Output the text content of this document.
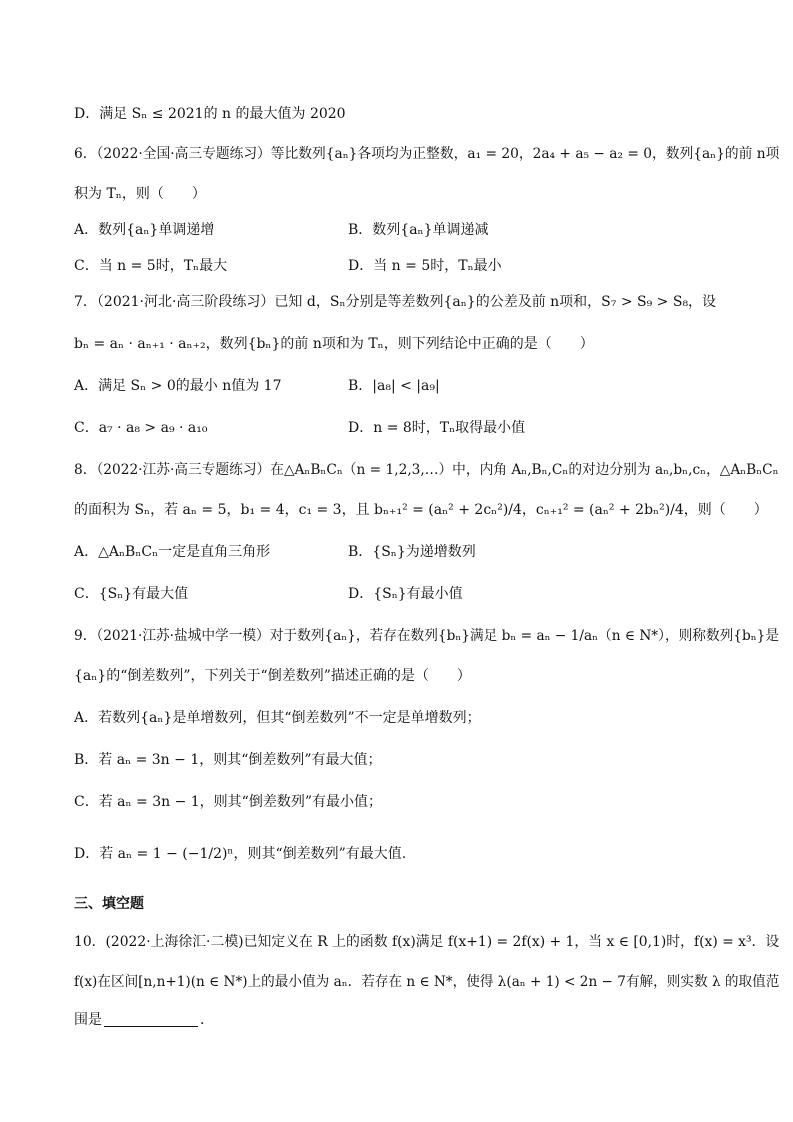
D．满足 Sₙ ≤ 2021的 n 的最大值为 2020
6．（2022·全国·高三专题练习）等比数列{aₙ}各项均为正整数，a₁ = 20，2a₄ + a₅ − a₂ = 0，数列{aₙ}的前 n项
积为 Tₙ，则（　　）
A．数列{aₙ}单调递增	B．数列{aₙ}单调递减
C．当 n = 5时，Tₙ最大	D．当 n = 5时，Tₙ最小
7．（2021·河北·高三阶段练习）已知 d，Sₙ分别是等差数列{aₙ}的公差及前 n项和，S₇ > S₉ > S₈，设
bₙ = aₙ · aₙ₊₁ · aₙ₊₂，数列{bₙ}的前 n项和为 Tₙ，则下列结论中正确的是（　　）
A．满足 Sₙ > 0的最小 n值为 17	B．|a₈| < |a₉|
C．a₇ · a₈ > a₉ · a₁₀	D．n = 8时，Tₙ取得最小值
8．（2022·江苏·高三专题练习）在△AₙBₙCₙ（n = 1,2,3,…）中，内角 Aₙ,Bₙ,Cₙ的对边分别为 aₙ,bₙ,cₙ，△AₙBₙCₙ
的面积为 Sₙ，若 aₙ = 5，b₁ = 4，c₁ = 3，且 bₙ₊₁² = (aₙ² + 2cₙ²)/4，cₙ₊₁² = (aₙ² + 2bₙ²)/4，则（　　）
A．△AₙBₙCₙ一定是直角三角形	B．{Sₙ}为递增数列
C．{Sₙ}有最大值	D．{Sₙ}有最小值
9．（2021·江苏·盐城中学一模）对于数列{aₙ}，若存在数列{bₙ}满足 bₙ = aₙ − 1/aₙ（n ∈ N*），则称数列{bₙ}是
{aₙ}的“倒差数列”，下列关于“倒差数列”描述正确的是（　　）
A．若数列{aₙ}是单增数列，但其“倒差数列”不一定是单增数列；
B．若 aₙ = 3n − 1，则其“倒差数列”有最大值；
C．若 aₙ = 3n − 1，则其“倒差数列”有最小值；
D．若 aₙ = 1 − (−1/2)ⁿ，则其“倒差数列”有最大值.
三、填空题
10．(2022·上海徐汇·二模)已知定义在 R 上的函数 f(x)满足 f(x+1) = 2f(x) + 1，当 x ∈ [0,1)时，f(x) = x³．设
f(x)在区间[n,n+1)(n ∈ N*)上的最小值为 aₙ．若存在 n ∈ N*，使得 λ(aₙ + 1) < 2n − 7有解，则实数 λ 的取值范
围是	．
